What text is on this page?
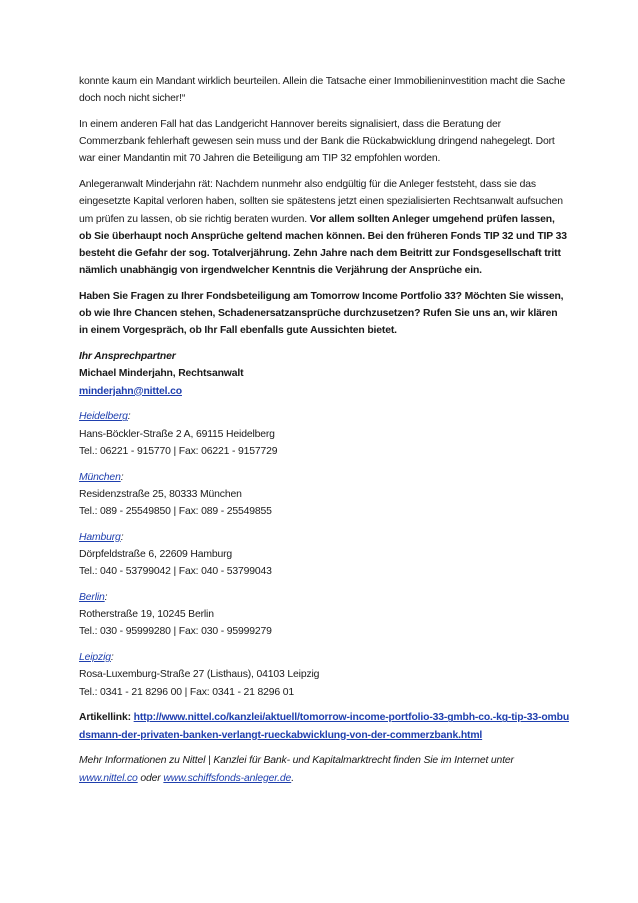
konnte kaum ein Mandant wirklich beurteilen. Allein die Tatsache einer Immobilieninvestition macht die Sache doch noch nicht sicher!“

In einem anderen Fall hat das Landgericht Hannover bereits signalisiert, dass die Beratung der Commerzbank fehlerhaft gewesen sein muss und der Bank die Rückabwicklung dringend nahegelegt. Dort war einer Mandantin mit 70 Jahren die Beteiligung am TIP 32 empfohlen worden.

Anlegeranwalt Minderjahn rät: Nachdem nunmehr also endgültig für die Anleger feststeht, dass sie das eingesetzte Kapital verloren haben, sollten sie spätestens jetzt einen spezialisierten Rechtsanwalt aufsuchen um prüfen zu lassen, ob sie richtig beraten wurden. Vor allem sollten Anleger umgehend prüfen lassen, ob Sie überhaupt noch Ansprüche geltend machen können. Bei den früheren Fonds TIP 32 und TIP 33 besteht die Gefahr der sog. Totalverjährung. Zehn Jahre nach dem Beitritt zur Fondsgesellschaft tritt nämlich unabhängig von irgendwelcher Kenntnis die Verjährung der Ansprüche ein.

Haben Sie Fragen zu Ihrer Fondsbeteiligung am Tomorrow Income Portfolio 33? Möchten Sie wissen, ob wie Ihre Chancen stehen, Schadenersatzansprüche durchzusetzen? Rufen Sie uns an, wir klären in einem Vorgespräch, ob Ihr Fall ebenfalls gute Aussichten bietet.

Ihr Ansprechpartner
Michael Minderjahn, Rechtsanwalt
minderjahn@nittel.co
Heidelberg:
Hans-Böckler-Straße 2 A, 69115 Heidelberg
Tel.: 06221 - 915770 | Fax: 06221 - 9157729
München:
Residenzstraße 25, 80333 München
Tel.: 089 - 25549850 | Fax: 089 - 25549855
Hamburg:
Dörpfeldstraße 6, 22609 Hamburg
Tel.: 040 - 53799042 | Fax: 040 - 53799043
Berlin:
Rotherstraße 19, 10245 Berlin
Tel.: 030 - 95999280 | Fax: 030 - 95999279
Leipzig:
Rosa-Luxemburg-Straße 27 (Listhaus), 04103 Leipzig
Tel.: 0341 - 21 8296 00 | Fax: 0341 - 21 8296 01

Artikellink: http://www.nittel.co/kanzlei/aktuell/tomorrow-income-portfolio-33-gmbh-co.-kg-tip-33-ombudsmann-der-privaten-banken-verlangt-rueckabwicklung-von-der-commerzbank.html

Mehr Informationen zu Nittel | Kanzlei für Bank- und Kapitalmarktrecht finden Sie im Internet unter www.nittel.co oder www.schiffsfonds-anleger.de.
